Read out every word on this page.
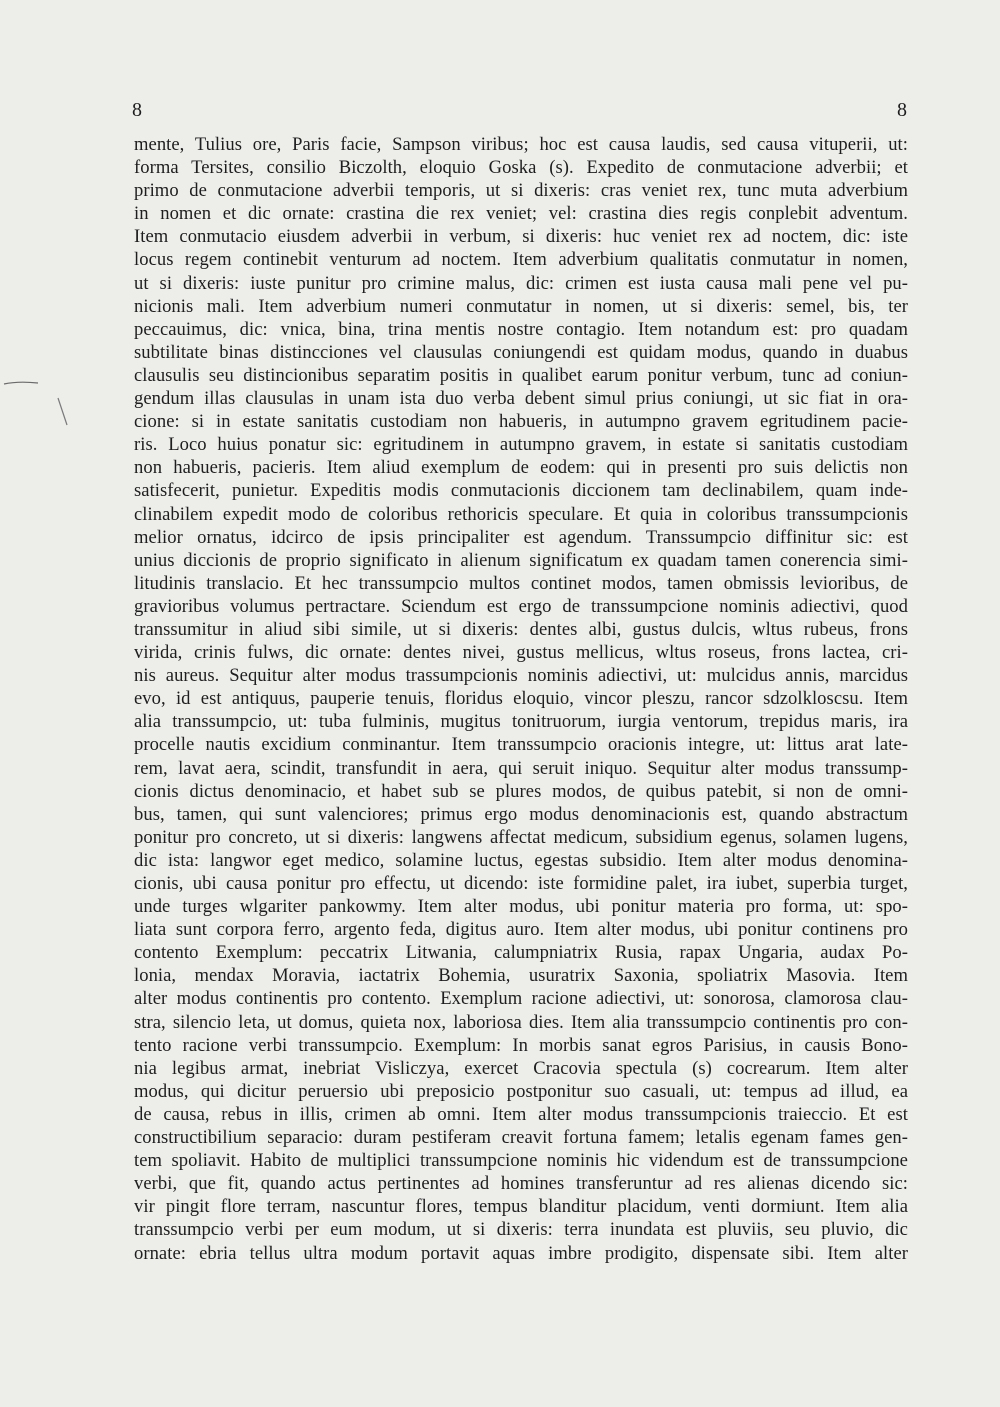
8	8
mente, Tulius ore, Paris facie, Sampson viribus; hoc est causa laudis, sed causa vituperii, ut:
forma Tersites, consilio Biczolth, eloquio Goska (s). Expedito de conmutacione adverbii; et
primo de conmutacione adverbii temporis, ut si dixeris: cras veniet rex, tunc muta adverbium
in nomen et dic ornate: crastina die rex veniet; vel: crastina dies regis conplebit adventum.
Item conmutacio eiusdem adverbii in verbum, si dixeris: huc veniet rex ad noctem, dic: iste
locus regem continebit venturum ad noctem. Item adverbium qualitatis conmutatur in nomen,
ut si dixeris: iuste punitur pro crimine malus, dic: crimen est iusta causa mali pene vel pu-
nicionis mali. Item adverbium numeri conmutatur in nomen, ut si dixeris: semel, bis, ter
peccauimus, dic: vnica, bina, trina mentis nostre contagio. Item notandum est: pro quadam
subtilitate binas distincciones vel clausulas coniungendi est quidam modus, quando in duabus
clausulis seu distincionibus separatim positis in qualibet earum ponitur verbum, tunc ad coniun-
gendum illas clausulas in unam ista duo verba debent simul prius coniungi, ut sic fiat in ora-
cione: si in estate sanitatis custodiam non habueris, in autumpno gravem egritudinem pacie-
ris. Loco huius ponatur sic: egritudinem in autumpno gravem, in estate si sanitatis custodiam
non habueris, pacieris. Item aliud exemplum de eodem: qui in presenti pro suis delictis non
satisfecerit, punietur. Expeditis modis conmutacionis diccionem tam declinabilem, quam inde-
clinabilem expedit modo de coloribus rethoricis speculare. Et quia in coloribus transsumpcionis
melior ornatus, idcirco de ipsis principaliter est agendum. Transsumpcio diffinitur sic: est
unius diccionis de proprio significato in alienum significatum ex quadam tamen conerencia simi-
litudinis translacio. Et hec transsumpcio multos continet modos, tamen obmissis levioribus, de
gravioribus volumus pertractare. Sciendum est ergo de transsumpcione nominis adiectivi, quod
transsumitur in aliud sibi simile, ut si dixeris: dentes albi, gustus dulcis, wltus rubeus, frons
virida, crinis fulws, dic ornate: dentes nivei, gustus mellicus, wltus roseus, frons lactea, cri-
nis aureus. Sequitur alter modus trassumpcionis nominis adiectivi, ut: mulcidus annis, marcidus
evo, id est antiquus, pauperie tenuis, floridus eloquio, vincor pleszu, rancor sdzolkloscsu. Item
alia transsumpcio, ut: tuba fulminis, mugitus tonitruorum, iurgia ventorum, trepidus maris, ira
procelle nautis excidium conminantur. Item transsumpcio oracionis integre, ut: littus arat late-
rem, lavat aera, scindit, transfundit in aera, qui seruit iniquo. Sequitur alter modus transsump-
cionis dictus denominacio, et habet sub se plures modos, de quibus patebit, si non de omni-
bus, tamen, qui sunt valenciores; primus ergo modus denominacionis est, quando abstractum
ponitur pro concreto, ut si dixeris: langwens affectat medicum, subsidium egenus, solamen lugens,
dic ista: langwor eget medico, solamine luctus, egestas subsidio. Item alter modus denomina-
cionis, ubi causa ponitur pro effectu, ut dicendo: iste formidine palet, ira iubet, superbia turget,
unde turges wlgariter pankowmy. Item alter modus, ubi ponitur materia pro forma, ut: spo-
liata sunt corpora ferro, argento feda, digitus auro. Item alter modus, ubi ponitur continens pro
contento Exemplum: peccatrix Litwania, calumpniatrix Rusia, rapax Ungaria, audax Po-
lonia, mendax Moravia, iactatrix Bohemia, usuratrix Saxonia, spoliatrix Masovia. Item
alter modus continentis pro contento. Exemplum racione adiectivi, ut: sonorosa, clamorosa clau-
stra, silencio leta, ut domus, quieta nox, laboriosa dies. Item alia transsumpcio continentis pro con-
tento racione verbi transsumpcio. Exemplum: In morbis sanat egros Parisius, in causis Bono-
nia legibus armat, inebriat Visliczya, exercet Cracovia spectula (s) cocrearum. Item alter
modus, qui dicitur peruersio ubi preposicio postponitur suo casuali, ut: tempus ad illud, ea
de causa, rebus in illis, crimen ab omni. Item alter modus transsumpcionis traieccio. Et est
constructibilium separacio: duram pestiferam creavit fortuna famem; letalis egenam fames gen-
tem spoliavit. Habito de multiplici transsumpcione nominis hic videndum est de transsumpcione
verbi, que fit, quando actus pertinentes ad homines transferuntur ad res alienas dicendo sic:
vir pingit flore terram, nascuntur flores, tempus blanditur placidum, venti dormiunt. Item alia
transsumpcio verbi per eum modum, ut si dixeris: terra inundata est pluviis, seu pluvio, dic
ornate: ebria tellus ultra modum portavit aquas imbre prodigito, dispensate sibi. Item alter
